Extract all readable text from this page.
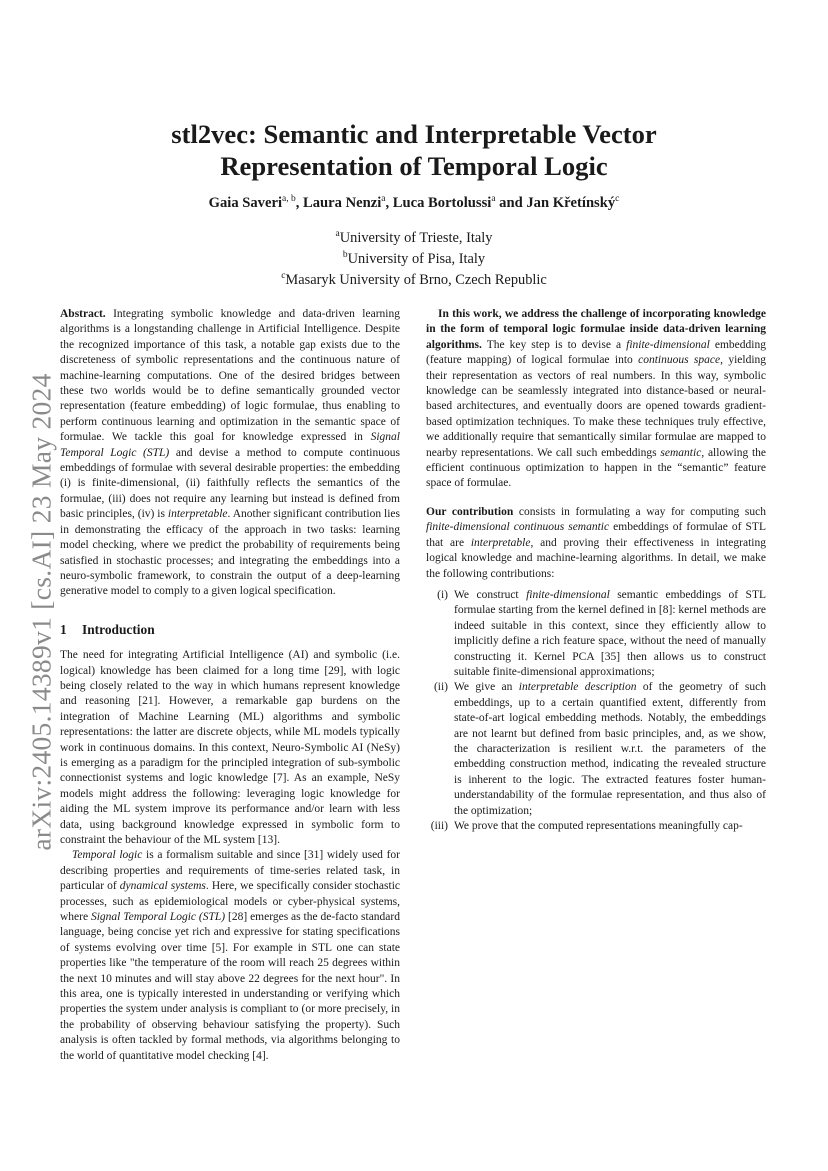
arXiv:2405.14389v1 [cs.AI] 23 May 2024
stl2vec: Semantic and Interpretable Vector
Representation of Temporal Logic

Gaia Saveri$^{a, b}$, Laura Nenzi$^a$, Luca Bortolussi$^a$ and Jan Křetínský$^c$

$^a$University of Trieste, Italy

$^b$University of Pisa, Italy

$^c$Masaryk University of Brno, Czech Republic

Abstract. Integrating symbolic knowledge and data-driven learning algorithms is a longstanding challenge in Artificial Intelligence. Despite the recognized importance of this task, a notable gap exists due to the discreteness of symbolic representations and the continuous nature of machine-learning computations. One of the desired bridges between these two worlds would be to define semantically grounded vector representation (feature embedding) of logic formulae, thus enabling to perform continuous learning and optimization in the semantic space of formulae. We tackle this goal for knowledge expressed in Signal Temporal Logic (STL) and devise a method to compute continuous embeddings of formulae with several desirable properties: the embedding (i) is finite-dimensional, (ii) faithfully reflects the semantics of the formulae, (iii) does not require any learning but instead is defined from basic principles, (iv) is interpretable. Another significant contribution lies in demonstrating the efficacy of the approach in two tasks: learning model checking, where we predict the probability of requirements being satisfied in stochastic processes; and integrating the embeddings into a neuro-symbolic framework, to constrain the output of a deep-learning generative model to comply to a given logical specification.

1 Introduction

The need for integrating Artificial Intelligence (AI) and symbolic (i.e. logical) knowledge has been claimed for a long time [29], with logic being closely related to the way in which humans represent knowledge and reasoning [21]. However, a remarkable gap burdens on the integration of Machine Learning (ML) algorithms and symbolic representations: the latter are discrete objects, while ML models typically work in continuous domains. In this context, Neuro-Symbolic AI (NeSy) is emerging as a paradigm for the principled integration of sub-symbolic connectionist systems and logic knowledge [7]. As an example, NeSy models might address the following: leveraging logic knowledge for aiding the ML system improve its performance and/or learn with less data, using background knowledge expressed in symbolic form to constraint the behaviour of the ML system [13].

Temporal logic is a formalism suitable and since [31] widely used for describing properties and requirements of time-series related task, in particular of dynamical systems. Here, we specifically consider stochastic processes, such as epidemiological models or cyber-physical systems, where Signal Temporal Logic (STL) [28] emerges as the de-facto standard language, being concise yet rich and expressive for stating specifications of systems evolving over time [5]. For example in STL one can state properties like "the temperature of the room will reach 25 degrees within the next 10 minutes and will stay above 22 degrees for the next hour". In this area, one is typically interested in understanding or verifying which properties the system under analysis is compliant to (or more precisely, in the probability of observing behaviour satisfying the property). Such analysis is often tackled by formal methods, via algorithms belonging to the world of quantitative model checking [4].

In this work, we address the challenge of incorporating knowledge in the form of temporal logic formulae inside data-driven learning algorithms. The key step is to devise a finite-dimensional embedding (feature mapping) of logical formulae into continuous space, yielding their representation as vectors of real numbers. In this way, symbolic knowledge can be seamlessly integrated into distance-based or neural-based architectures, and eventually doors are opened towards gradient-based optimization techniques. To make these techniques truly effective, we additionally require that semantically similar formulae are mapped to nearby representations. We call such embeddings semantic, allowing the efficient continuous optimization to happen in the “semantic” feature space of formulae.

Our contribution consists in formulating a way for computing such finite-dimensional continuous semantic embeddings of formulae of STL that are interpretable, and proving their effectiveness in integrating logical knowledge and machine-learning algorithms. In detail, we make the following contributions:

(i) We construct finite-dimensional semantic embeddings of STL formulae starting from the kernel defined in [8]: kernel methods are indeed suitable in this context, since they efficiently allow to implicitly define a rich feature space, without the need of manually constructing it. Kernel PCA [35] then allows us to construct suitable finite-dimensional approximations;
(ii) We give an interpretable description of the geometry of such embeddings, up to a certain quantified extent, differently from state-of-art logical embedding methods. Notably, the embeddings are not learnt but defined from basic principles, and, as we show, the characterization is resilient w.r.t. the parameters of the embedding construction method, indicating the revealed structure is inherent to the logic. The extracted features foster human-understandability of the formulae representation, and thus also of the optimization;
(iii) We prove that the computed representations meaningfully cap-
